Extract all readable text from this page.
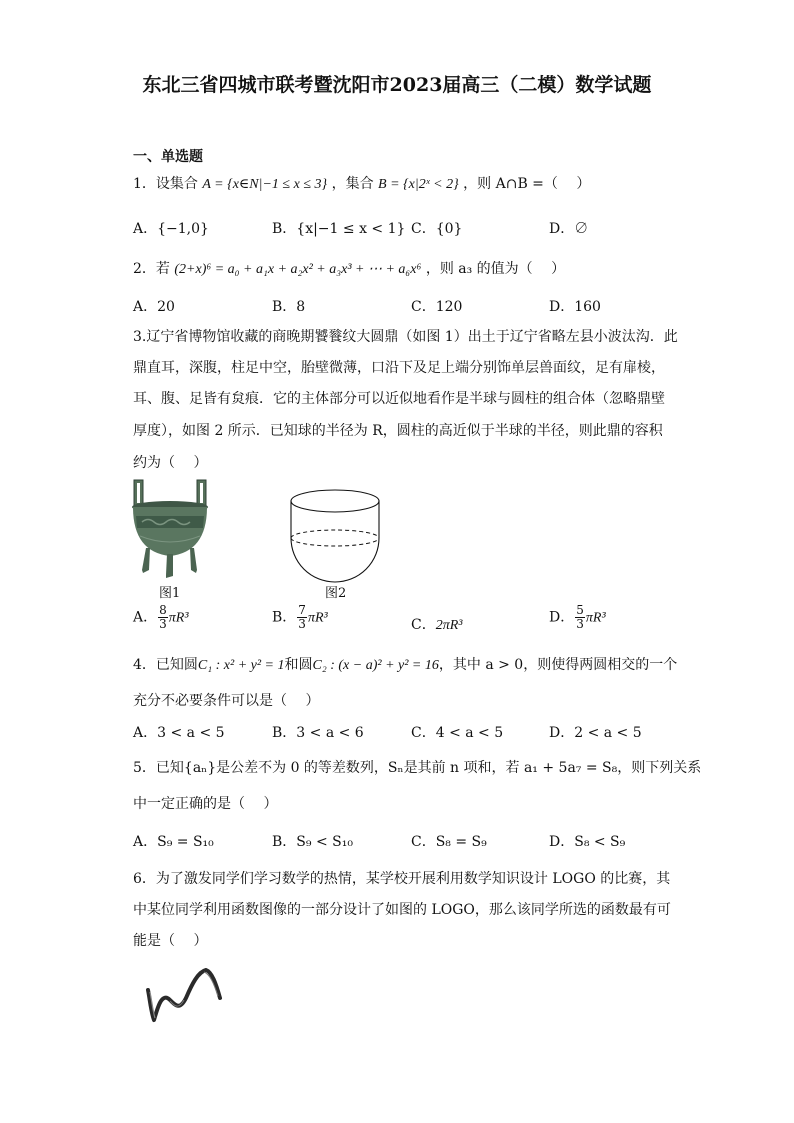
东北三省四城市联考暨沈阳市2023届高三（二模）数学试题
一、单选题
1．设集合 A = {x∈N|−1 ≤ x ≤ 3} ，集合 B = {x|2ˣ < 2} ，则 A∩B =（　 ）
A．{−1,0}	B．{x|−1 ≤ x < 1} C．{0}	D．∅
2．若 (2+x)⁶ = a₀ + a₁x + a₂x² + a₃x³ + ⋯ + a₆x⁶ ，则 a₃ 的值为（　 ）
A．20	B．8	C．120	D．160
3.辽宁省博物馆收藏的商晚期饕餮纹大圆鼎（如图 1）出土于辽宁省略左县小波汰沟．此
鼎直耳，深腹，柱足中空，胎壁微薄，口沿下及足上端分别饰单层兽面纹，足有扉棱，
耳、腹、足皆有炱痕．它的主体部分可以近似地看作是半球与圆柱的组合体（忽略鼎壁
厚度），如图 2 所示．已知球的半径为 R，圆柱的高近似于半球的半径，则此鼎的容积
约为（　 ）
图1	图2
A． $\frac{8}{3} \pi R^3$	B． $\frac{7}{3} \pi R^3$	C．2πR³	D． $\frac{5}{3} \pi R^3$
4．已知圆C₁ : x² + y² = 1和圆C₂ : (x − a)² + y² = 16，其中 a > 0，则使得两圆相交的一个
充分不必要条件可以是（　 ）
A．3 < a < 5	B．3 < a < 6	C．4 < a < 5	D．2 < a < 5
5．已知{aₙ}是公差不为 0 的等差数列，Sₙ是其前 n 项和，若 a₁ + 5a₇ = S₈，则下列关系
中一定正确的是（　 ）
A．S₉ = S₁₀	B．S₉ < S₁₀	C．S₈ = S₉	D．S₈ < S₉
6．为了激发同学们学习数学的热情，某学校开展利用数学知识设计 LOGO 的比赛，其
中某位同学利用函数图像的一部分设计了如图的 LOGO，那么该同学所选的函数最有可
能是（　 ）
